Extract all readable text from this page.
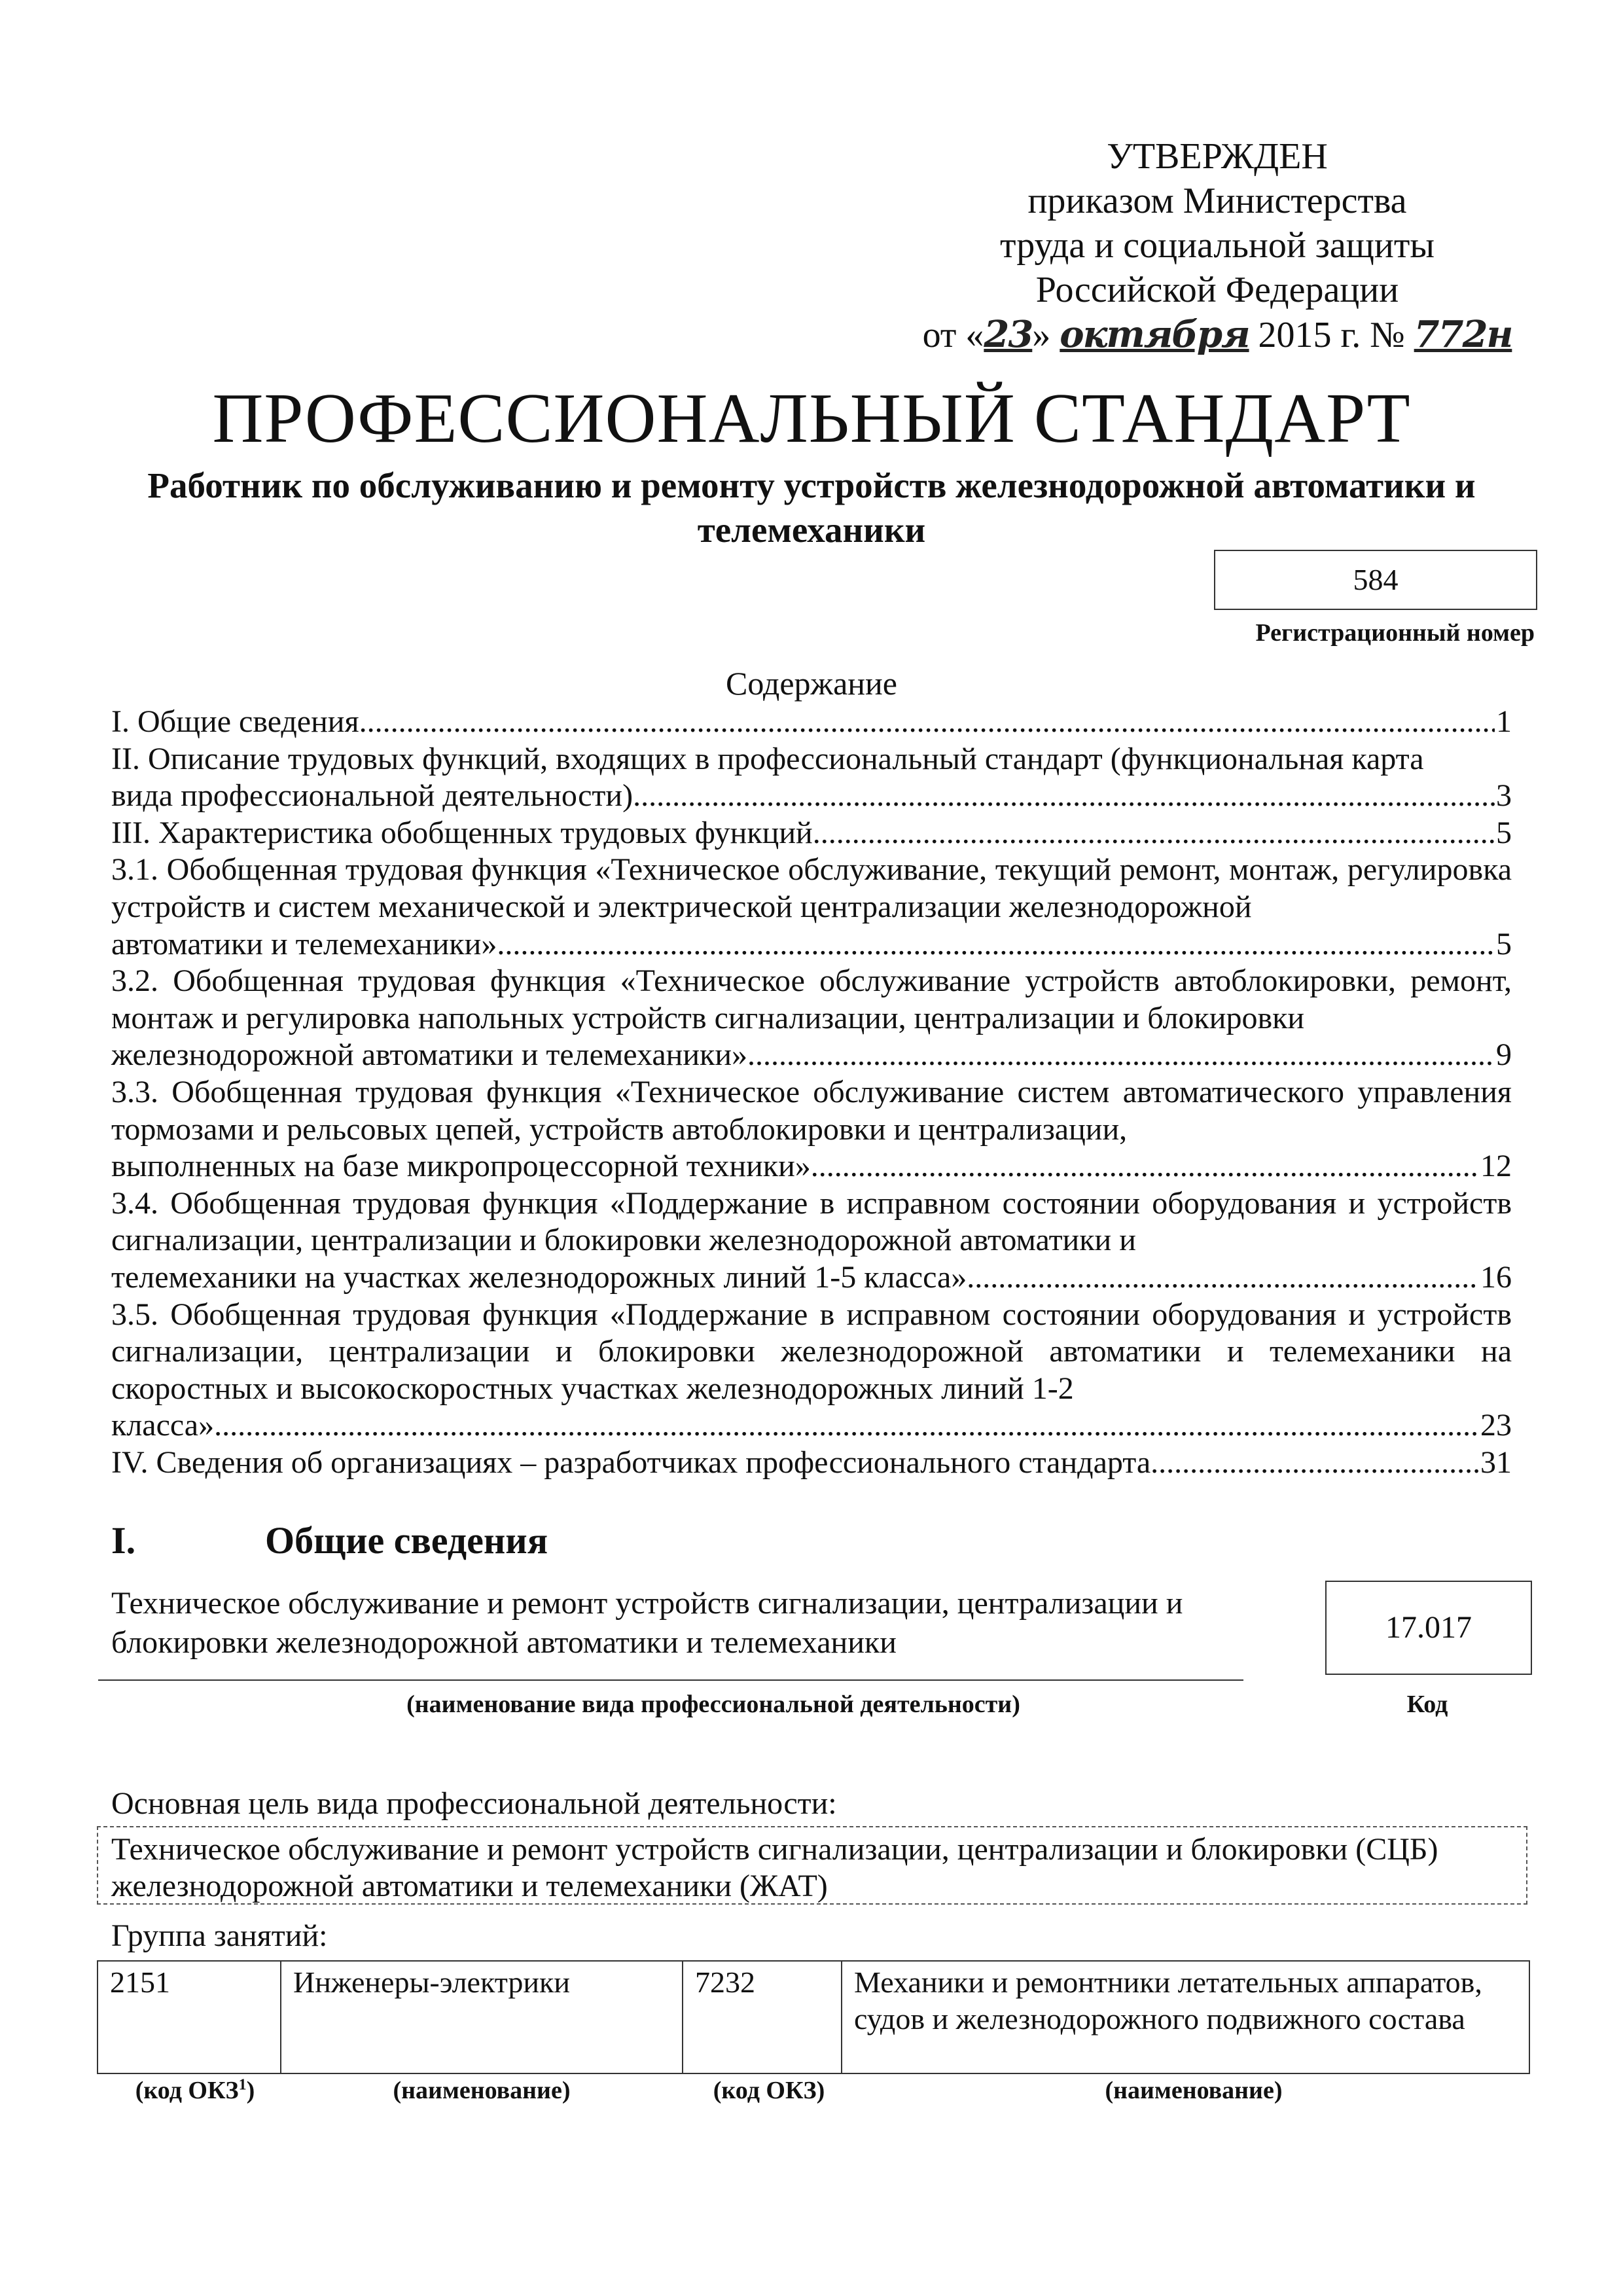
УТВЕРЖДЕН
приказом Министерства
труда и социальной защиты
Российской Федерации
от «23» октября 2015 г. № 772н
ПРОФЕССИОНАЛЬНЫЙ СТАНДАРТ
Работник по обслуживанию и ремонту устройств железнодорожной автоматики и телемеханики
584
Регистрационный номер
Содержание
I. Общие сведения .....	1
II. Описание трудовых функций, входящих в профессиональный стандарт (функциональная карта
вида профессиональной деятельности) .....	3
III. Характеристика обобщенных трудовых функций .....	5
3.1. Обобщенная трудовая функция «Техническое обслуживание, текущий ремонт, монтаж, регулировка устройств и систем механической и электрической централизации железнодорожной
автоматики и телемеханики» .....	5
3.2. Обобщенная трудовая функция «Техническое обслуживание устройств автоблокировки, ремонт, монтаж и регулировка напольных устройств сигнализации, централизации и блокировки
железнодорожной автоматики и телемеханики» .....	9
3.3. Обобщенная трудовая функция «Техническое обслуживание систем автоматического управления тормозами и рельсовых цепей, устройств автоблокировки и централизации,
выполненных на базе микропроцессорной техники» .....	12
3.4. Обобщенная трудовая функция «Поддержание в исправном состоянии оборудования и устройств сигнализации, централизации и блокировки железнодорожной автоматики и
телемеханики на участках железнодорожных линий 1-5 класса» .....	16
3.5. Обобщенная трудовая функция «Поддержание в исправном состоянии оборудования и устройств сигнализации, централизации и блокировки железнодорожной автоматики и телемеханики на скоростных и высокоскоростных участках железнодорожных линий 1-2
класса» .....	23
IV. Сведения об организациях – разработчиках профессионального стандарта .....	31
I.	Общие сведения
Техническое обслуживание и ремонт устройств сигнализации, централизации и блокировки железнодорожной автоматики и телемеханики
(наименование вида профессиональной деятельности)
17.017
Код
Основная цель вида профессиональной деятельности:
Техническое обслуживание и ремонт устройств сигнализации, централизации и блокировки (СЦБ) железнодорожной автоматики и телемеханики (ЖАТ)
Группа занятий:
2151	Инженеры-электрики	7232	Механики и ремонтники летательных аппаратов, судов и железнодорожного подвижного состава
(код ОКЗ$^1$)	(наименование)	(код ОКЗ)	(наименование)
